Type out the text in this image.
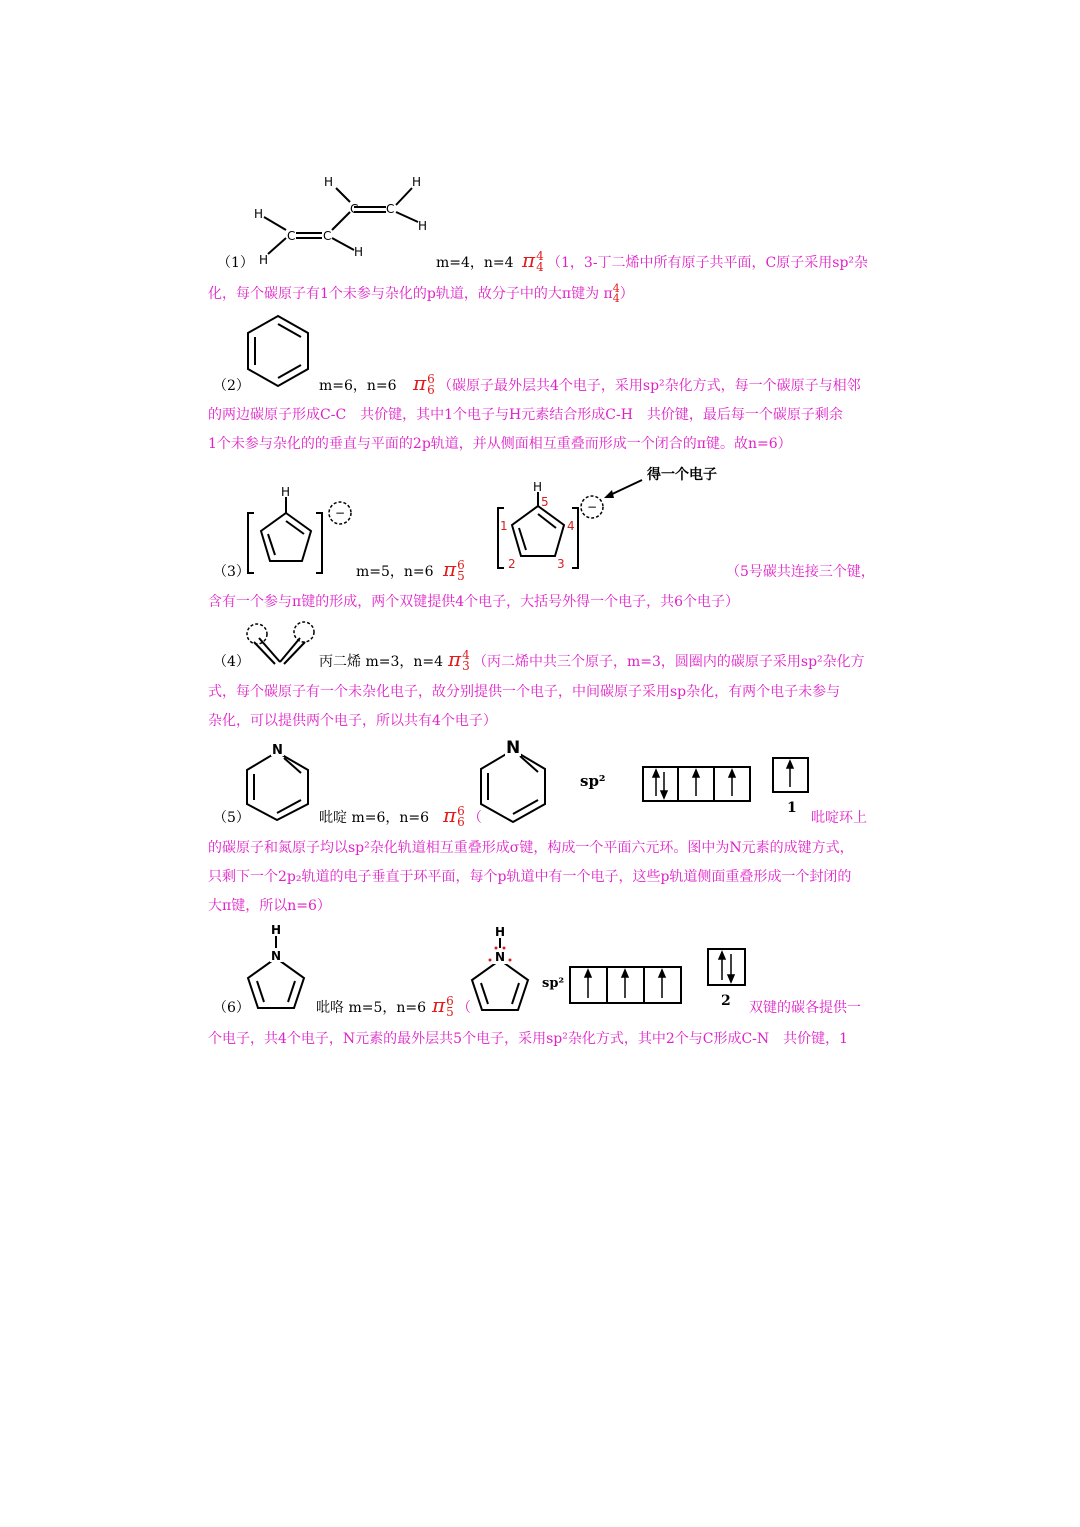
H
C C
C C
H	H
H
H
H
（1）	m=4，n=4 π 4
4 （1，3-丁二烯中所有原子共平面，C原子采用sp²杂
化，每个碳原子有1个未参与杂化的p轨道，故分子中的大π键为 π 4
4 ）
（2）	m=6，n=6 π 6
6 （碳原子最外层共4个电子，采用sp²杂化方式，每一个碳原子与相邻
的两边碳原子形成C-C　共价键，其中1个电子与H元素结合形成C-H　共价键，最后每一个碳原子剩余
1个未参与杂化的的垂直与平面的2p轨道，并从侧面相互重叠而形成一个闭合的π键。故n=6）
H
−
（3）	m=5，n=6 π 6
5
H
5
4
3
2
1
−
得一个电子
（5号碳共连接三个键，
含有一个参与π键的形成，两个双键提供4个电子，大括号外得一个电子，共6个电子）
（4）	丙二烯 m=3，n=4 π 4
3 （丙二烯中共三个原子，m=3，圆圈内的碳原子采用sp²杂化方
式，每个碳原子有一个未杂化电子，故分别提供一个电子，中间碳原子采用sp杂化，有两个电子未参与
杂化，可以提供两个电子，所以共有4个电子）
N
（5）	吡啶 m=6，n=6 π 6
6 （
N
sp²
1
吡啶环上
的碳原子和氮原子均以sp²杂化轨道相互重叠形成σ键，构成一个平面六元环。图中为N元素的成键方式，
只剩下一个2p₂轨道的电子垂直于环平面，每个p轨道中有一个电子，这些p轨道侧面重叠形成一个封闭的
大π键，所以n=6）
H
N
（6）	吡咯 m=5，n=6 π 6
5 （
H
N
sp²
2 双键的碳各提供一
个电子，共4个电子，N元素的最外层共5个电子，采用sp²杂化方式，其中2个与C形成C-N　共价键，1
